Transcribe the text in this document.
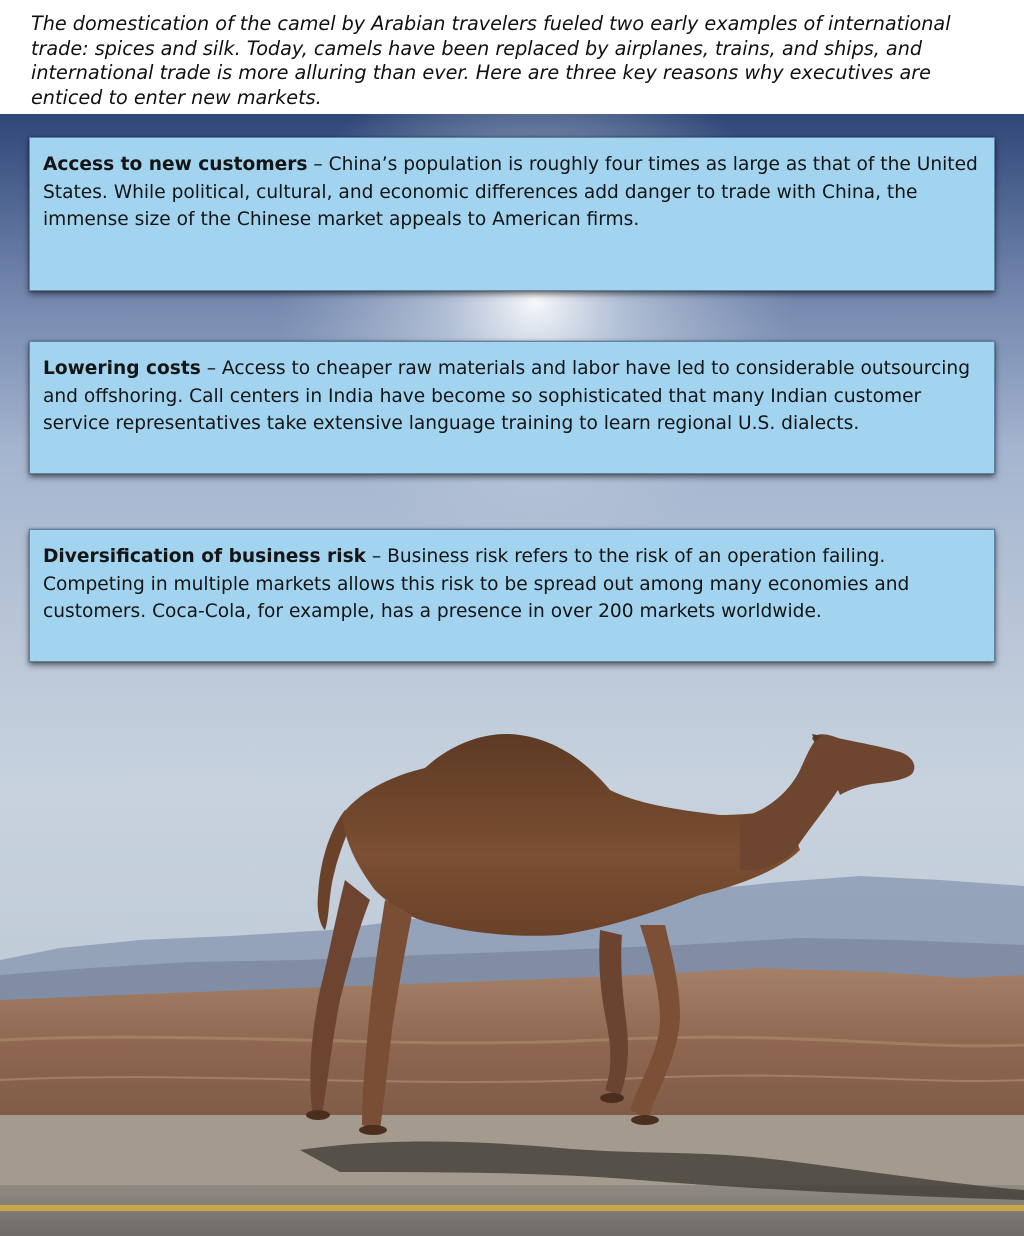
The domestication of the camel by Arabian travelers fueled two early examples of international trade: spices and silk. Today, camels have been replaced by airplanes, trains, and ships, and international trade is more alluring than ever. Here are three key reasons why executives are enticed to enter new markets.

Access to new customers – China’s population is roughly four times as large as that of the United States. While political, cultural, and economic differences add danger to trade with China, the immense size of the Chinese market appeals to American firms.
Lowering costs – Access to cheaper raw materials and labor have led to considerable outsourcing and offshoring. Call centers in India have become so sophisticated that many Indian customer service representatives take extensive language training to learn regional U.S. dialects.
Diversification of business risk – Business risk refers to the risk of an operation failing. Competing in multiple markets allows this risk to be spread out among many economies and customers. Coca-Cola, for example, has a presence in over 200 markets worldwide.
